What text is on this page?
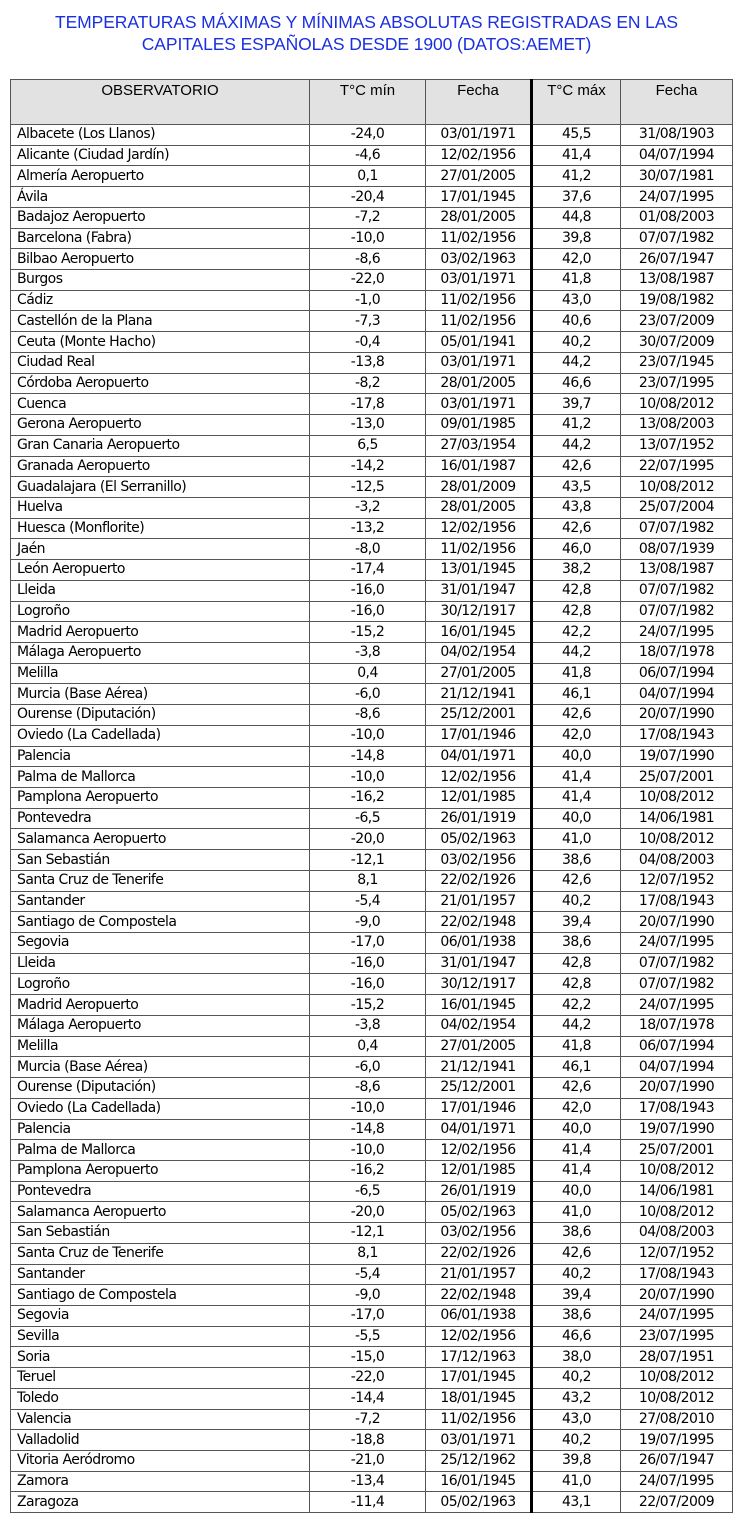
TEMPERATURAS MÁXIMAS Y MÍNIMAS ABSOLUTAS REGISTRADAS EN LAS
CAPITALES ESPAÑOLAS DESDE 1900 (DATOS:AEMET)
OBSERVATORIO	T°C mín	Fecha	T°C máx	Fecha
Albacete (Los Llanos)	-24,0	03/01/1971	45,5	31/08/1903
Alicante (Ciudad Jardín)	-4,6	12/02/1956	41,4	04/07/1994
Almería Aeropuerto	0,1	27/01/2005	41,2	30/07/1981
Ávila	-20,4	17/01/1945	37,6	24/07/1995
Badajoz Aeropuerto	-7,2	28/01/2005	44,8	01/08/2003
Barcelona (Fabra)	-10,0	11/02/1956	39,8	07/07/1982
Bilbao Aeropuerto	-8,6	03/02/1963	42,0	26/07/1947
Burgos	-22,0	03/01/1971	41,8	13/08/1987
Cádiz	-1,0	11/02/1956	43,0	19/08/1982
Castellón de la Plana	-7,3	11/02/1956	40,6	23/07/2009
Ceuta (Monte Hacho)	-0,4	05/01/1941	40,2	30/07/2009
Ciudad Real	-13,8	03/01/1971	44,2	23/07/1945
Córdoba Aeropuerto	-8,2	28/01/2005	46,6	23/07/1995
Cuenca	-17,8	03/01/1971	39,7	10/08/2012
Gerona Aeropuerto	-13,0	09/01/1985	41,2	13/08/2003
Gran Canaria Aeropuerto	6,5	27/03/1954	44,2	13/07/1952
Granada Aeropuerto	-14,2	16/01/1987	42,6	22/07/1995
Guadalajara (El Serranillo)	-12,5	28/01/2009	43,5	10/08/2012
Huelva	-3,2	28/01/2005	43,8	25/07/2004
Huesca (Monflorite)	-13,2	12/02/1956	42,6	07/07/1982
Jaén	-8,0	11/02/1956	46,0	08/07/1939
León Aeropuerto	-17,4	13/01/1945	38,2	13/08/1987
Lleida	-16,0	31/01/1947	42,8	07/07/1982
Logroño	-16,0	30/12/1917	42,8	07/07/1982
Madrid Aeropuerto	-15,2	16/01/1945	42,2	24/07/1995
Málaga Aeropuerto	-3,8	04/02/1954	44,2	18/07/1978
Melilla	0,4	27/01/2005	41,8	06/07/1994
Murcia (Base Aérea)	-6,0	21/12/1941	46,1	04/07/1994
Ourense (Diputación)	-8,6	25/12/2001	42,6	20/07/1990
Oviedo (La Cadellada)	-10,0	17/01/1946	42,0	17/08/1943
Palencia	-14,8	04/01/1971	40,0	19/07/1990
Palma de Mallorca	-10,0	12/02/1956	41,4	25/07/2001
Pamplona Aeropuerto	-16,2	12/01/1985	41,4	10/08/2012
Pontevedra	-6,5	26/01/1919	40,0	14/06/1981
Salamanca Aeropuerto	-20,0	05/02/1963	41,0	10/08/2012
San Sebastián	-12,1	03/02/1956	38,6	04/08/2003
Santa Cruz de Tenerife	8,1	22/02/1926	42,6	12/07/1952
Santander	-5,4	21/01/1957	40,2	17/08/1943
Santiago de Compostela	-9,0	22/02/1948	39,4	20/07/1990
Segovia	-17,0	06/01/1938	38,6	24/07/1995
Lleida	-16,0	31/01/1947	42,8	07/07/1982
Logroño	-16,0	30/12/1917	42,8	07/07/1982
Madrid Aeropuerto	-15,2	16/01/1945	42,2	24/07/1995
Málaga Aeropuerto	-3,8	04/02/1954	44,2	18/07/1978
Melilla	0,4	27/01/2005	41,8	06/07/1994
Murcia (Base Aérea)	-6,0	21/12/1941	46,1	04/07/1994
Ourense (Diputación)	-8,6	25/12/2001	42,6	20/07/1990
Oviedo (La Cadellada)	-10,0	17/01/1946	42,0	17/08/1943
Palencia	-14,8	04/01/1971	40,0	19/07/1990
Palma de Mallorca	-10,0	12/02/1956	41,4	25/07/2001
Pamplona Aeropuerto	-16,2	12/01/1985	41,4	10/08/2012
Pontevedra	-6,5	26/01/1919	40,0	14/06/1981
Salamanca Aeropuerto	-20,0	05/02/1963	41,0	10/08/2012
San Sebastián	-12,1	03/02/1956	38,6	04/08/2003
Santa Cruz de Tenerife	8,1	22/02/1926	42,6	12/07/1952
Santander	-5,4	21/01/1957	40,2	17/08/1943
Santiago de Compostela	-9,0	22/02/1948	39,4	20/07/1990
Segovia	-17,0	06/01/1938	38,6	24/07/1995
Sevilla	-5,5	12/02/1956	46,6	23/07/1995
Soria	-15,0	17/12/1963	38,0	28/07/1951
Teruel	-22,0	17/01/1945	40,2	10/08/2012
Toledo	-14,4	18/01/1945	43,2	10/08/2012
Valencia	-7,2	11/02/1956	43,0	27/08/2010
Valladolid	-18,8	03/01/1971	40,2	19/07/1995
Vitoria Aeródromo	-21,0	25/12/1962	39,8	26/07/1947
Zamora	-13,4	16/01/1945	41,0	24/07/1995
Zaragoza	-11,4	05/02/1963	43,1	22/07/2009
